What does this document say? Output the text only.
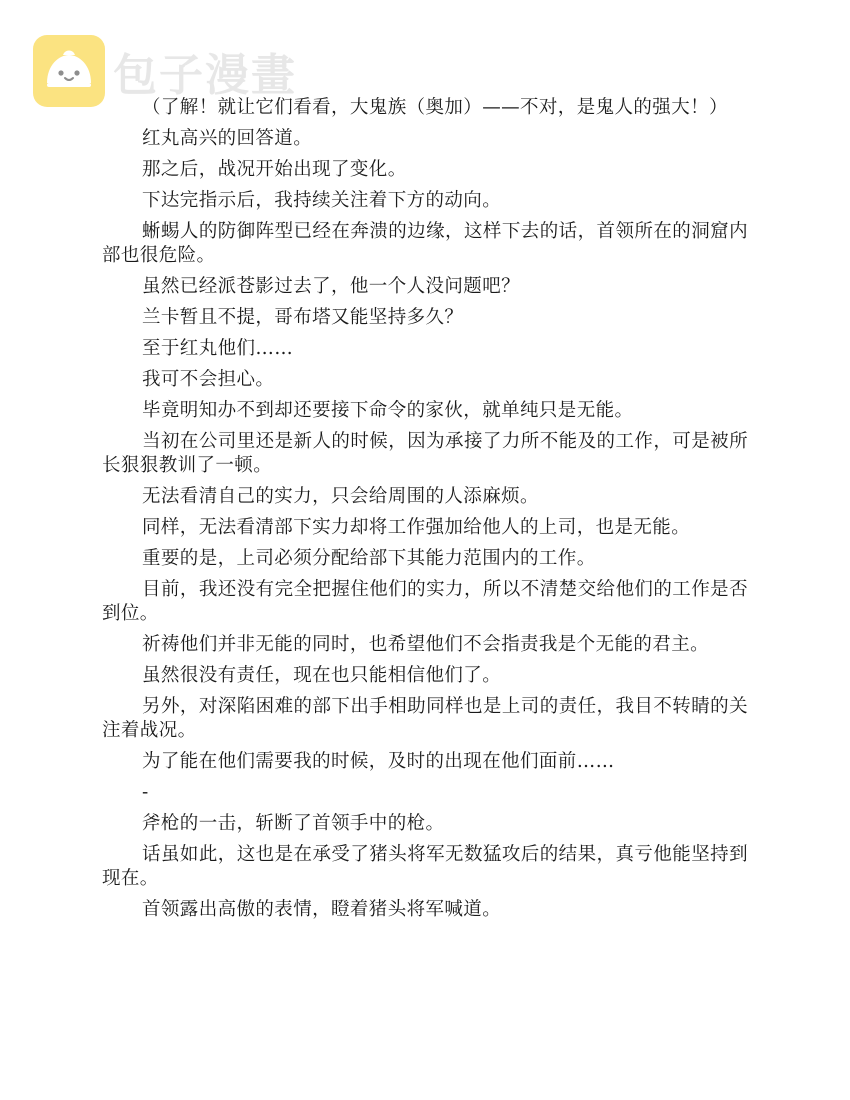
包子漫畫

（了解！就让它们看看，大鬼族（奥加）——不对，是鬼人的强大！）

红丸高兴的回答道。

那之后，战况开始出现了变化。

下达完指示后，我持续关注着下方的动向。

蜥蜴人的防御阵型已经在奔溃的边缘，这样下去的话，首领所在的洞窟内部也很危险。

虽然已经派苍影过去了，他一个人没问题吧？

兰卡暂且不提，哥布塔又能坚持多久？

至于红丸他们……

我可不会担心。

毕竟明知办不到却还要接下命令的家伙，就单纯只是无能。

当初在公司里还是新人的时候，因为承接了力所不能及的工作，可是被所长狠狠教训了一顿。

无法看清自己的实力，只会给周围的人添麻烦。

同样，无法看清部下实力却将工作强加给他人的上司，也是无能。

重要的是，上司必须分配给部下其能力范围内的工作。

目前，我还没有完全把握住他们的实力，所以不清楚交给他们的工作是否到位。

祈祷他们并非无能的同时，也希望他们不会指责我是个无能的君主。

虽然很没有责任，现在也只能相信他们了。

另外，对深陷困难的部下出手相助同样也是上司的责任，我目不转睛的关注着战况。

为了能在他们需要我的时候，及时的出现在他们面前……

-

斧枪的一击，斩断了首领手中的枪。

话虽如此，这也是在承受了猪头将军无数猛攻后的结果，真亏他能坚持到现在。

首领露出高傲的表情，瞪着猪头将军喊道。
